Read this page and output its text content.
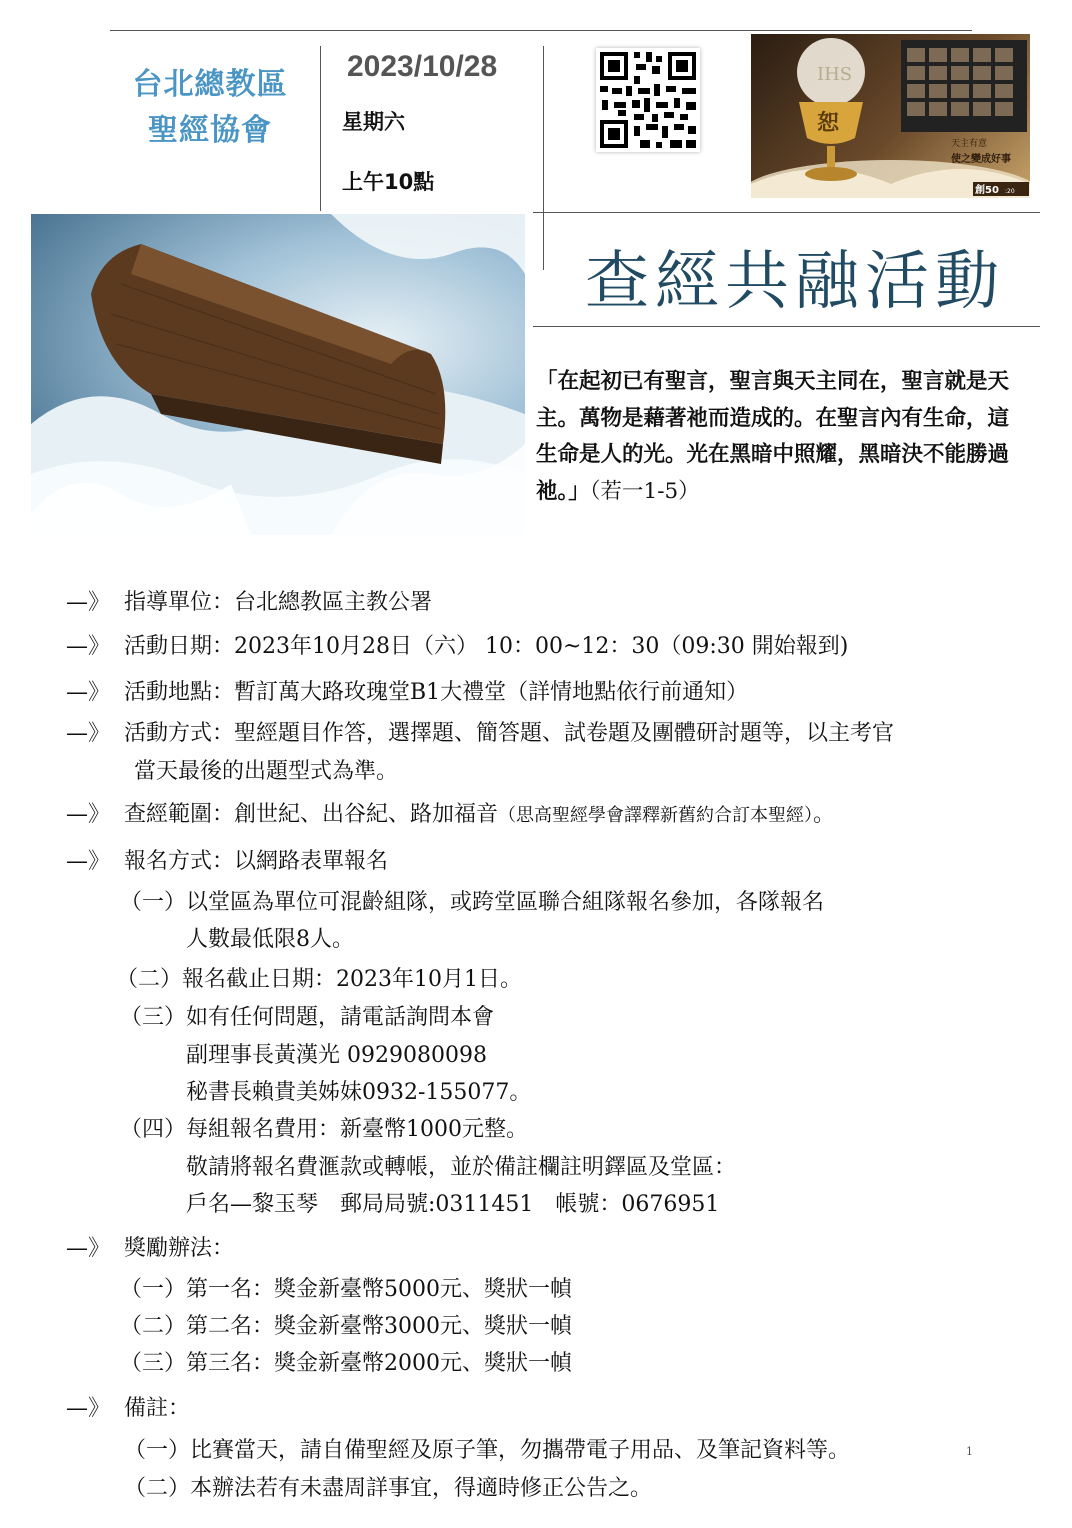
台北總教區
聖經協會
2023/10/28
星期六
上午10點
IHS
恕
天主有意
使之變成好事
創50 :20
查經共融活動
「在起初已有聖言，聖言與天主同在，聖言就是天主。萬物是藉著祂而造成的。在聖言內有生命，這生命是人的光。光在黑暗中照耀，黑暗決不能勝過祂。」（若一1-5）
—》 指導單位：台北總教區主教公署
—》 活動日期：2023年10月28日（六） 10：00~12：30（09:30 開始報到)
—》 活動地點：暫訂萬大路玫瑰堂B1大禮堂（詳情地點依行前通知）
—》 活動方式：聖經題目作答，選擇題、簡答題、試卷題及團體研討題等，以主考官
當天最後的出題型式為準。
—》 查經範圍：創世紀、出谷紀、路加福音（思高聖經學會譯釋新舊約合訂本聖經）。
—》 報名方式：以網路表單報名
（一）以堂區為單位可混齡組隊，或跨堂區聯合組隊報名參加，各隊報名
人數最低限8人。
（二）報名截止日期：2023年10月1日。
（三）如有任何問題，請電話詢問本會
副理事長黃漢光 0929080098
秘書長賴貴美姊妹0932-155077。
（四）每組報名費用：新臺幣1000元整。
敬請將報名費滙款或轉帳，並於備註欄註明鐸區及堂區：
戶名—黎玉琴　郵局局號:0311451　帳號：0676951
—》 獎勵辦法：
（一）第一名：獎金新臺幣5000元、獎狀一幀
（二）第二名：獎金新臺幣3000元、獎狀一幀
（三）第三名：獎金新臺幣2000元、獎狀一幀
—》 備註：
（一）比賽當天，請自備聖經及原子筆，勿攜帶電子用品、及筆記資料等。
（二）本辦法若有未盡周詳事宜，得適時修正公告之。
1
